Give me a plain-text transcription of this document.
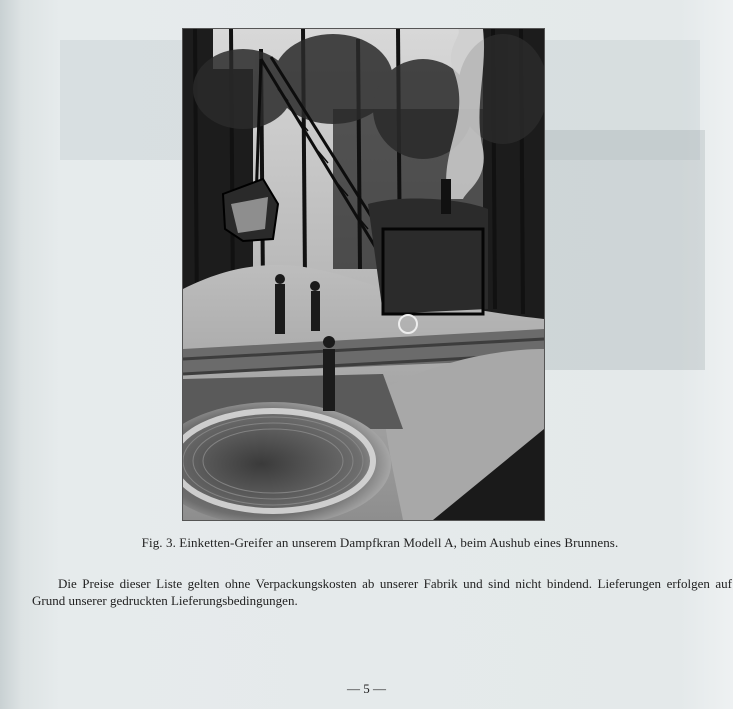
Fig. 3. Einketten-Greifer an unserem Dampfkran Modell A, beim Aushub eines Brunnens.
Die Preise dieser Liste gelten ohne Verpackungskosten ab unserer Fabrik und sind nicht bindend. Lieferungen erfolgen auf Grund unserer gedruckten Lieferungsbedingungen.
— 5 —
